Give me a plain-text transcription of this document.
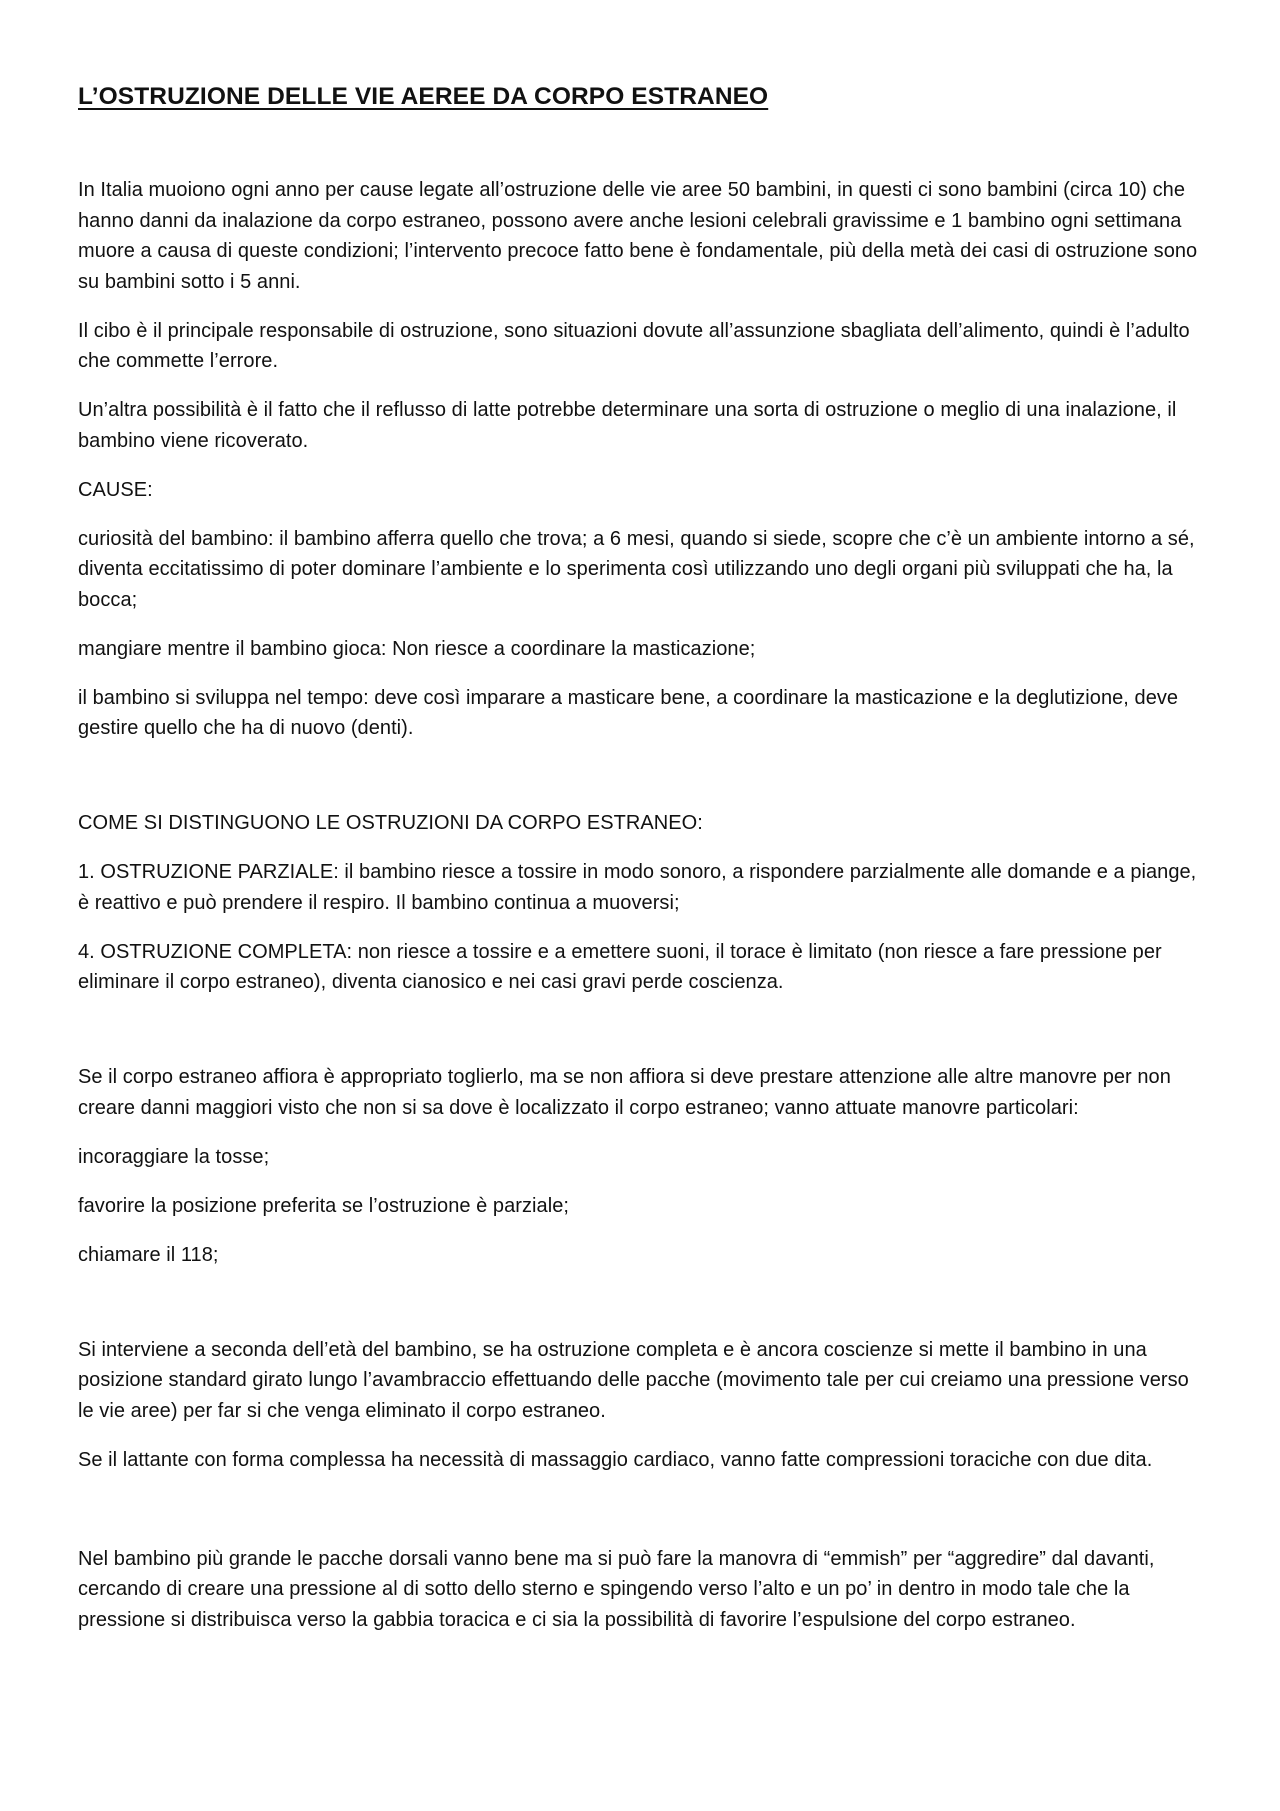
L’OSTRUZIONE DELLE VIE AEREE DA CORPO ESTRANEO

In Italia muoiono ogni anno per cause legate all’ostruzione delle vie aree 50 bambini, in questi ci sono bambini (circa 10) che hanno danni da inalazione da corpo estraneo, possono avere anche lesioni celebrali gravissime e 1 bambino ogni settimana muore a causa di queste condizioni; l’intervento precoce fatto bene è fondamentale, più della metà dei casi di ostruzione sono su bambini sotto i 5 anni.

Il cibo è il principale responsabile di ostruzione, sono situazioni dovute all’assunzione sbagliata dell’alimento, quindi è l’adulto che commette l’errore.

Un’altra possibilità è il fatto che il reflusso di latte potrebbe determinare una sorta di ostruzione o meglio di una inalazione, il bambino viene ricoverato.

CAUSE:

curiosità del bambino: il bambino afferra quello che trova; a 6 mesi, quando si siede, scopre che c’è un ambiente intorno a sé, diventa eccitatissimo di poter dominare l’ambiente e lo sperimenta così utilizzando uno degli organi più sviluppati che ha, la bocca;

mangiare mentre il bambino gioca: Non riesce a coordinare la masticazione;

il bambino si sviluppa nel tempo: deve così imparare a masticare bene, a coordinare la masticazione e la deglutizione, deve gestire quello che ha di nuovo (denti).

COME SI DISTINGUONO LE OSTRUZIONI DA CORPO ESTRANEO:

1. OSTRUZIONE PARZIALE: il bambino riesce a tossire in modo sonoro, a rispondere parzialmente alle domande e a piange, è reattivo e può prendere il respiro. Il bambino continua a muoversi;

4. OSTRUZIONE COMPLETA: non riesce a tossire e a emettere suoni, il torace è limitato (non riesce a fare pressione per eliminare il corpo estraneo), diventa cianosico e nei casi gravi perde coscienza.

Se il corpo estraneo affiora è appropriato toglierlo, ma se non affiora si deve prestare attenzione alle altre manovre per non creare danni maggiori visto che non si sa dove è localizzato il corpo estraneo; vanno attuate manovre particolari:

incoraggiare la tosse;

favorire la posizione preferita se l’ostruzione è parziale;

chiamare il 118;

Si interviene a seconda dell’età del bambino, se ha ostruzione completa e è ancora coscienze si mette il bambino in una posizione standard girato lungo l’avambraccio effettuando delle pacche (movimento tale per cui creiamo una pressione verso le vie aree) per far si che venga eliminato il corpo estraneo.

Se il lattante con forma complessa ha necessità di massaggio cardiaco, vanno fatte compressioni toraciche con due dita.

Nel bambino più grande le pacche dorsali vanno bene ma si può fare la manovra di “emmish” per “aggredire” dal davanti, cercando di creare una pressione al di sotto dello sterno e spingendo verso l’alto e un po’ in dentro in modo tale che la pressione si distribuisca verso la gabbia toracica e ci sia la possibilità di favorire l’espulsione del corpo estraneo.
